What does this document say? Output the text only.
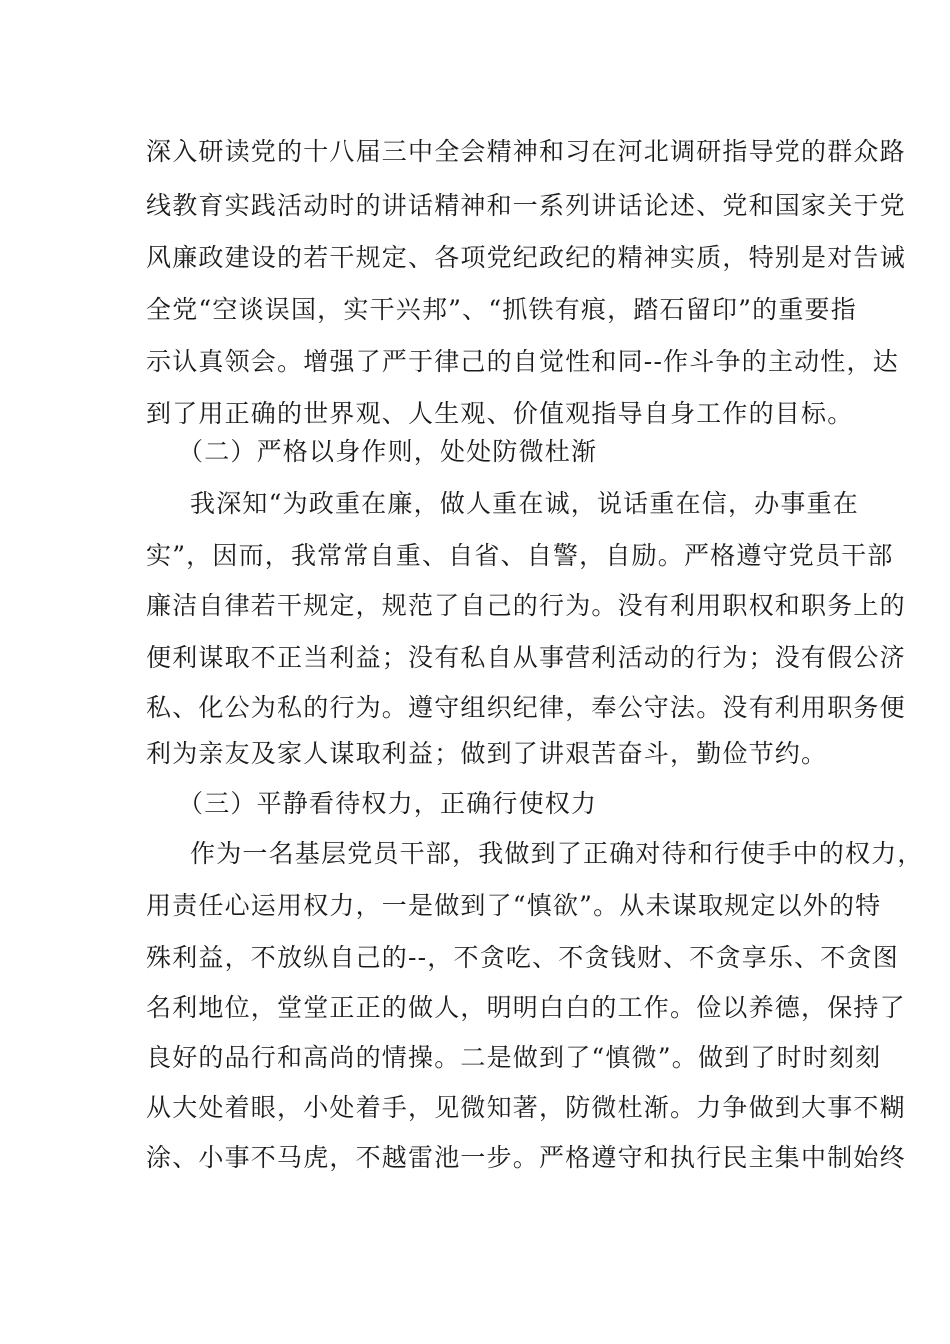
深入研读党的十八届三中全会精神和习在河北调研指导党的群众路
线教育实践活动时的讲话精神和一系列讲话论述、党和国家关于党
风廉政建设的若干规定、各项党纪政纪的精神实质，特别是对告诫
全党“空谈误国，实干兴邦”、“抓铁有痕，踏石留印”的重要指
示认真领会。增强了严于律己的自觉性和同--作斗争的主动性，达
到了用正确的世界观、人生观、价值观指导自身工作的目标。
（二）严格以身作则，处处防微杜渐
我深知“为政重在廉，做人重在诚，说话重在信，办事重在
实”，因而，我常常自重、自省、自警，自励。严格遵守党员干部
廉洁自律若干规定，规范了自己的行为。没有利用职权和职务上的
便利谋取不正当利益；没有私自从事营利活动的行为；没有假公济
私、化公为私的行为。遵守组织纪律，奉公守法。没有利用职务便
利为亲友及家人谋取利益；做到了讲艰苦奋斗，勤俭节约。
（三）平静看待权力，正确行使权力
作为一名基层党员干部，我做到了正确对待和行使手中的权力，
用责任心运用权力，一是做到了“慎欲”。从未谋取规定以外的特
殊利益，不放纵自己的--，不贪吃、不贪钱财、不贪享乐、不贪图
名利地位，堂堂正正的做人，明明白白的工作。俭以养德，保持了
良好的品行和高尚的情操。二是做到了“慎微”。做到了时时刻刻
从大处着眼，小处着手，见微知著，防微杜渐。力争做到大事不糊
涂、小事不马虎，不越雷池一步。严格遵守和执行民主集中制始终
